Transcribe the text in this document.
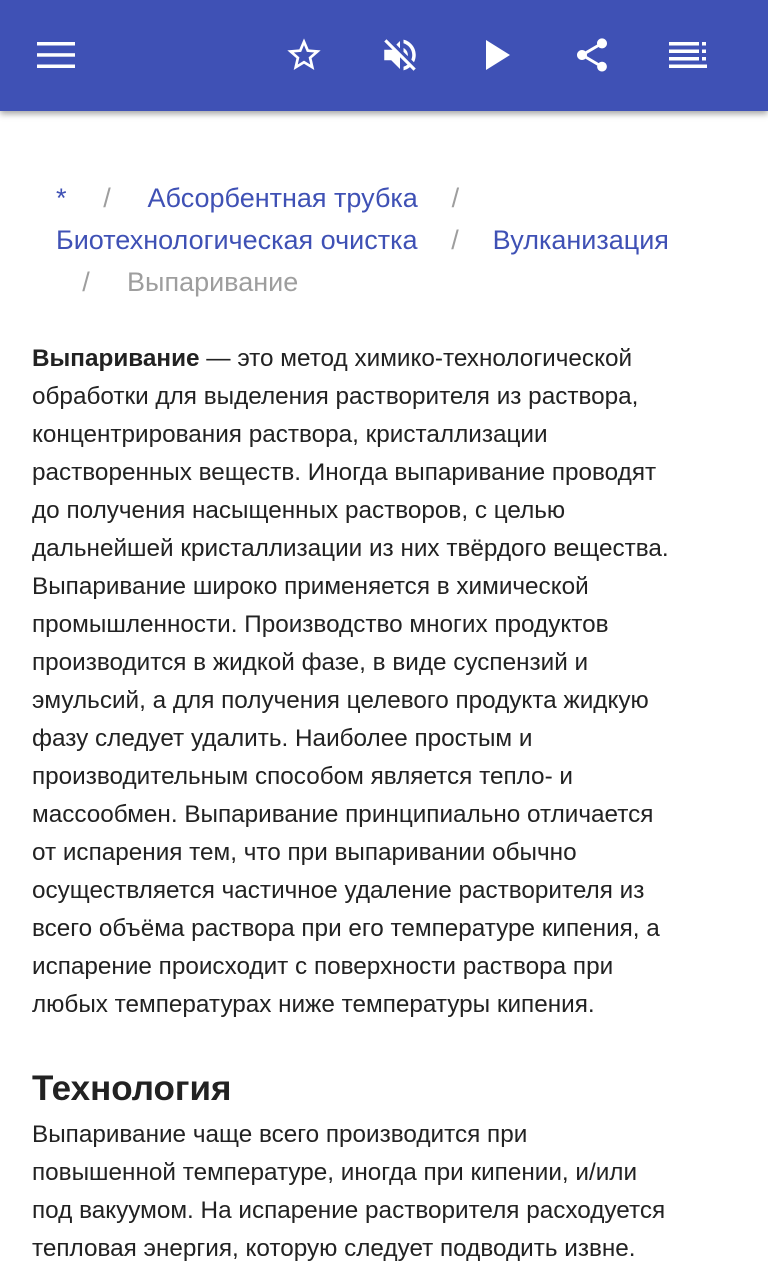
* / Абсорбентная трубка /
Биотехнологическая очистка / Вулканизация
/ Выпаривание

Выпаривание — это метод химико-технологической
обработки для выделения растворителя из раствора,
концентрирования раствора, кристаллизации
растворенных веществ. Иногда выпаривание проводят
до получения насыщенных растворов, с целью
дальнейшей кристаллизации из них твёрдого вещества.
Выпаривание широко применяется в химической
промышленности. Производство многих продуктов
производится в жидкой фазе, в виде суспензий и
эмульсий, а для получения целевого продукта жидкую
фазу следует удалить. Наиболее простым и
производительным способом является тепло- и
массообмен. Выпаривание принципиально отличается
от испарения тем, что при выпаривании обычно
осуществляется частичное удаление растворителя из
всего объёма раствора при его температуре кипения, а
испарение происходит с поверхности раствора при
любых температурах ниже температуры кипения.

Технология

Выпаривание чаще всего производится при
повышенной температуре, иногда при кипении, и/или
под вакуумом. На испарение растворителя расходуется
тепловая энергия, которую следует подводить извне.
